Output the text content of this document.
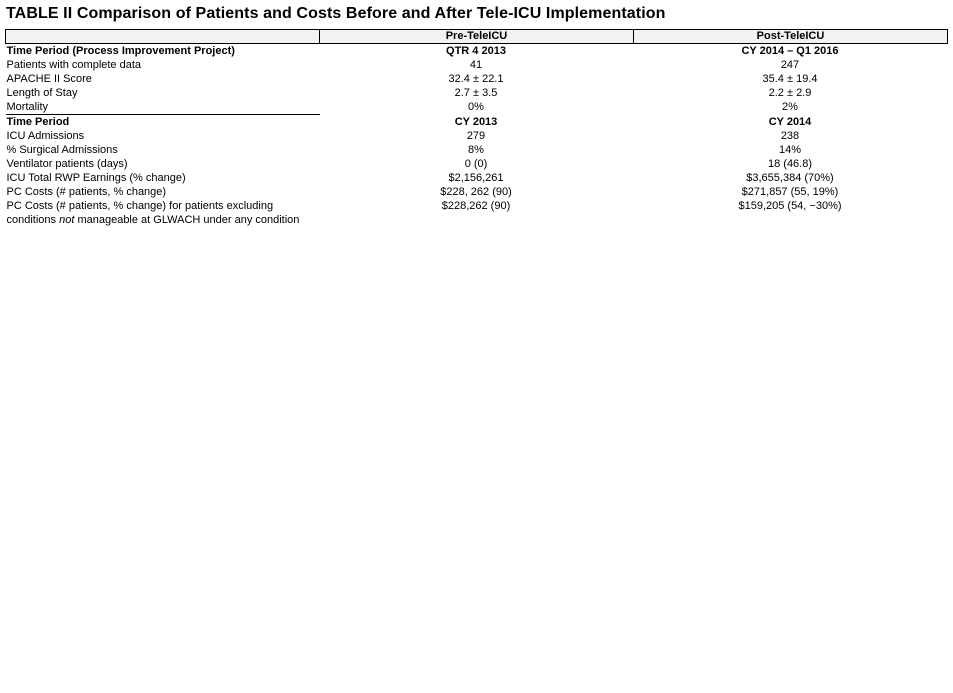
TABLE II Comparison of Patients and Costs Before and After Tele-ICU Implementation
	Pre-TeleICU	Post-TeleICU
Time Period (Process Improvement Project)	QTR 4 2013	CY 2014 – Q1 2016
Patients with complete data	41	247
APACHE II Score	32.4 ± 22.1	35.4 ± 19.4
Length of Stay	2.7 ± 3.5	2.2 ± 2.9
Mortality	0%	2%
Time Period	CY 2013	CY 2014
ICU Admissions	279	238
% Surgical Admissions	8%	14%
Ventilator patients (days)	0 (0)	18 (46.8)
ICU Total RWP Earnings (% change)	$2,156,261	$3,655,384 (70%)
PC Costs (# patients, % change)	$228, 262 (90)	$271,857 (55, 19%)

PC Costs (# patients, % change) for patients excluding conditions not manageable at GLWACH under any condition	$228,262 (90)	$159,205 (54, −30%)
